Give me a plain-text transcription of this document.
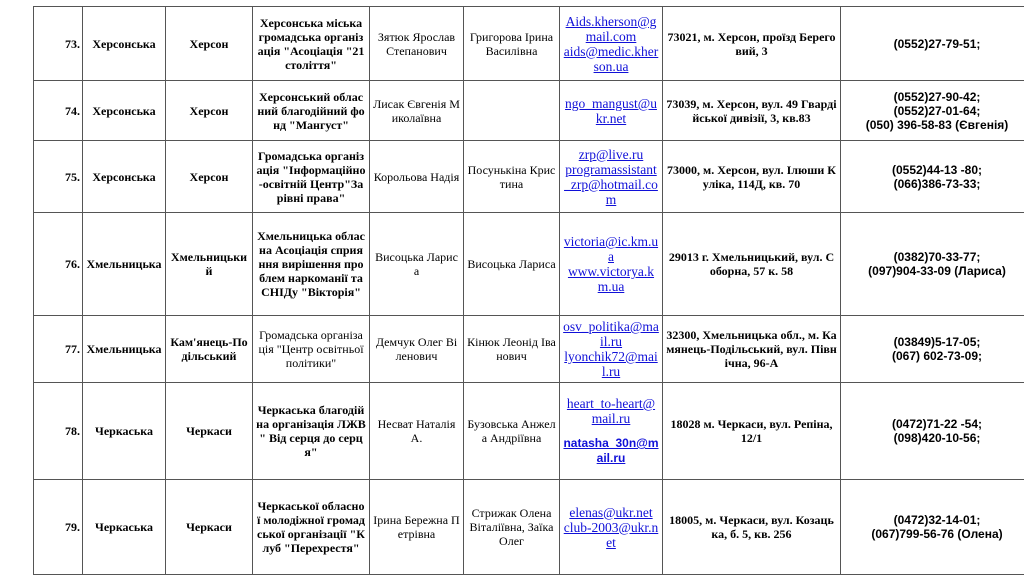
73.	Херсонська	Херсон	Херсонська міська громадська організація "Асоціація "21 століття"	Зятюк Ярослав Степанович	Григорова Ірина Василівна	Aids.kherson@gmail.com
aids@medic.kherson.ua	73021, м. Херсон, проїзд Береговий, 3	(0552)27-79-51;

74.	Херсонська	Херсон	Херсонський обласний благодійний фонд "Мангуст"	Лисак Євгенія Миколаївна		ngo_mangust@ukr.net	73039, м. Херсон, вул. 49 Гвардійської дивізії, 3, кв.83	(0552)27-90-42;
(0552)27-01-64;
(050) 396-58-83 (Євгенія)

75.	Херсонська	Херсон	Громадська організація "Інформаційно-освітній Центр"За рівні права"	Корольова Надія	Посунькіна Кристина	zrp@live.ru
programassistant_zrp@hotmail.com	73000, м. Херсон, вул. Ілюши Куліка, 114Д, кв. 70	(0552)44-13 -80;
(066)386-73-33;

76.	Хмельницька	Хмельницький	Хмельницька обласна Асоціація сприяння вирішення проблем наркоманії та СНІДу "Вікторія"	Висоцька Лариса	Висоцька Лариса	victoria@ic.km.ua
www.victorya.km.ua	29013 г. Хмельницький, вул. Соборна, 57 к. 58	(0382)70-33-77;
(097)904-33-09 (Лариса)

77.	Хмельницька	Кам'янець-Подільський	Громадська організація "Центр освітньої політики"	Демчук Олег Віленович	Кінюк Леонід Іванович	osv_politika@mail.ru
lyonchik72@mail.ru	32300, Хмельницька обл., м. Камянець-Подільський, вул. Північна, 96-А	(03849)5-17-05;
(067) 602-73-09;

78.	Черкаська	Черкаси	Черкаська благодійна організація ЛЖВ " Від серця до серця"	Несват Наталія А.	Бузовська Анжела Андріївна	heart_to-heart@mail.ru
natasha_30n@mail.ru	18028 м. Черкаси, вул. Репіна, 12/1	(0472)71-22 -54;
(098)420-10-56;

79.	Черкаська	Черкаси	Черкаської обласної молодіжної громадської організації "Клуб "Перехрестя"	Ірина Бережна Петрівна	Стрижак Олена Віталіївна, Заїка Олег	elenas@ukr.net
club-2003@ukr.net	18005, м. Черкаси, вул. Козацька, б. 5, кв. 256	(0472)32-14-01;
(067)799-56-76 (Олена)
